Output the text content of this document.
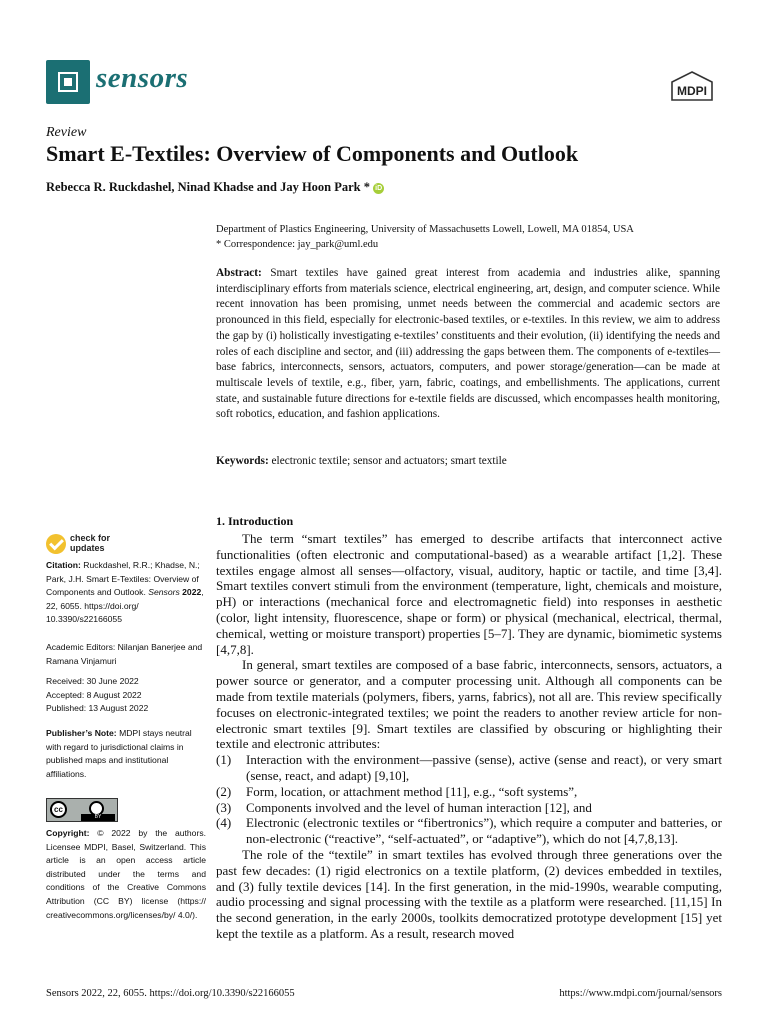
sensors	MDPI
Review
Smart E-Textiles: Overview of Components and Outlook
Rebecca R. Ruckdashel, Ninad Khadse and Jay Hoon Park * iD
Department of Plastics Engineering, University of Massachusetts Lowell, Lowell, MA 01854, USA
* Correspondence: jay_park@uml.edu
Abstract: Smart textiles have gained great interest from academia and industries alike, spanning interdisciplinary efforts from materials science, electrical engineering, art, design, and computer science. While recent innovation has been promising, unmet needs between the commercial and academic sectors are pronounced in this field, especially for electronic-based textiles, or e-textiles. In this review, we aim to address the gap by (i) holistically investigating e-textiles’ constituents and their evolution, (ii) identifying the needs and roles of each discipline and sector, and (iii) addressing the gaps between them. The components of e-textiles—base fabrics, interconnects, sensors, actuators, computers, and power storage/generation—can be made at multiscale levels of textile, e.g., fiber, yarn, fabric, coatings, and embellishments. The applications, current state, and sustainable future directions for e-textile fields are discussed, which encompasses health monitoring, soft robotics, education, and fashion applications.
Keywords: electronic textile; sensor and actuators; smart textile
check for
updates
Citation: Ruckdashel, R.R.; Khadse, N.; Park, J.H. Smart E-Textiles: Overview of Components and Outlook. Sensors 2022, 22, 6055. https://doi.org/ 10.3390/s22166055
Academic Editors: Nilanjan Banerjee and Ramana Vinjamuri
Received: 30 June 2022
Accepted: 8 August 2022
Published: 13 August 2022
Publisher’s Note: MDPI stays neutral with regard to jurisdictional claims in published maps and institutional affiliations.
cc
BY
Copyright: © 2022 by the authors. Licensee MDPI, Basel, Switzerland. This article is an open access article distributed under the terms and conditions of the Creative Commons Attribution (CC BY) license (https:// creativecommons.org/licenses/by/ 4.0/).
1. Introduction

The term “smart textiles” has emerged to describe artifacts that interconnect active functionalities (often electronic and computational-based) as a wearable artifact [1,2]. These textiles engage almost all senses—olfactory, visual, auditory, haptic or tactile, and time [3,4]. Smart textiles convert stimuli from the environment (temperature, light, chemicals and moisture, pH) or interactions (mechanical force and electromagnetic field) into responses in aesthetic (color, light intensity, fluorescence, shape or form) or physical (mechanical, electrical, thermal, chemical, wetting or moisture transport) properties [5–7]. They are dynamic, biomimetic systems [4,7,8].

In general, smart textiles are composed of a base fabric, interconnects, sensors, actuators, a power source or generator, and a computer processing unit. Although all components can be made from textile materials (polymers, fibers, yarns, fabrics), not all are. This review specifically focuses on electronic-integrated textiles; we point the readers to another review article for non-electronic smart textiles [9]. Smart textiles are classified by obscuring or highlighting their textile and electronic attributes:

(1) Interaction with the environment—passive (sense), active (sense and react), or very smart (sense, react, and adapt) [9,10],
(2) Form, location, or attachment method [11], e.g., “soft systems”,
(3) Components involved and the level of human interaction [12], and
(4) Electronic (electronic textiles or “fibertronics”), which require a computer and batteries, or non-electronic (“reactive”, “self-actuated”, or “adaptive”), which do not [4,7,8,13].

The role of the “textile” in smart textiles has evolved through three generations over the past few decades: (1) rigid electronics on a textile platform, (2) devices embedded in textiles, and (3) fully textile devices [14]. In the first generation, in the mid-1990s, wearable computing, audio processing and signal processing with the textile as a platform were researched. [11,15] In the second generation, in the early 2000s, toolkits democratized prototype development [15] yet kept the textile as a platform. As a result, research moved

Sensors 2022, 22, 6055. https://doi.org/10.3390/s22166055	https://www.mdpi.com/journal/sensors
